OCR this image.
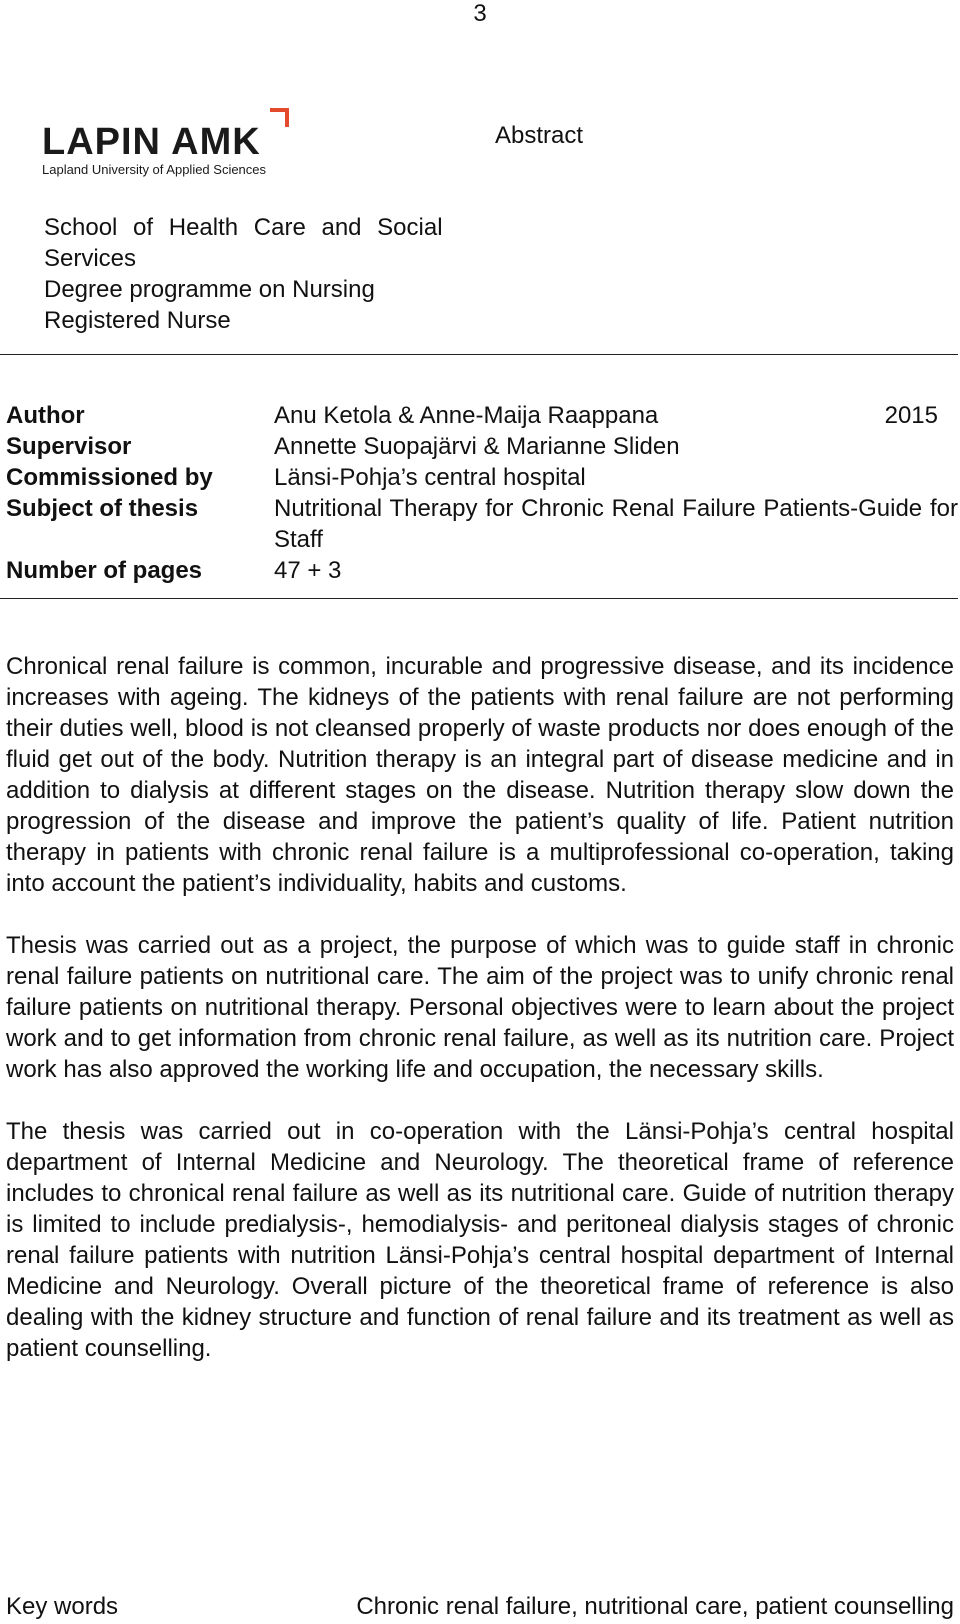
3
LAPIN AMK
Lapland University of Applied Sciences
Abstract
School of Health Care and Social
Services
Degree programme on Nursing
Registered Nurse
Author	Anu Ketola & Anne-Maija Raappana	2015
Supervisor	Annette Suopajärvi & Marianne Sliden
Commissioned by	Länsi-Pohja’s central hospital
Subject of thesis	Nutritional Therapy for Chronic Renal Failure Patients-Guide for Staff
Number of pages	47 + 3

Chronical renal failure is common, incurable and progressive disease, and its incidence increases with ageing. The kidneys of the patients with renal failure are not performing their duties well, blood is not cleansed properly of waste products nor does enough of the fluid get out of the body. Nutrition therapy is an integral part of disease medicine and in addition to dialysis at different stages on the disease. Nutrition therapy slow down the progression of the disease and improve the patient’s quality of life. Patient nutrition therapy in patients with chronic renal failure is a multiprofessional co-operation, taking into account the patient’s individuality, habits and customs.

Thesis was carried out as a project, the purpose of which was to guide staff in chronic renal failure patients on nutritional care. The aim of the project was to unify chronic renal failure patients on nutritional therapy. Personal objectives were to learn about the project work and to get information from chronic renal failure, as well as its nutrition care. Project work has also approved the working life and occupation, the necessary skills.

The thesis was carried out in co-operation with the Länsi-Pohja’s central hospital department of Internal Medicine and Neurology. The theoretical frame of reference includes to chronical renal failure as well as its nutritional care. Guide of nutrition therapy is limited to include predialysis-, hemodialysis- and peritoneal dialysis stages of chronic renal failure patients with nutrition Länsi-Pohja’s central hospital department of Internal Medicine and Neurology. Overall picture of the theoretical frame of reference is also dealing with the kidney structure and function of renal failure and its treatment as well as patient counselling.

Key words	Chronic renal failure, nutritional care, patient counselling
